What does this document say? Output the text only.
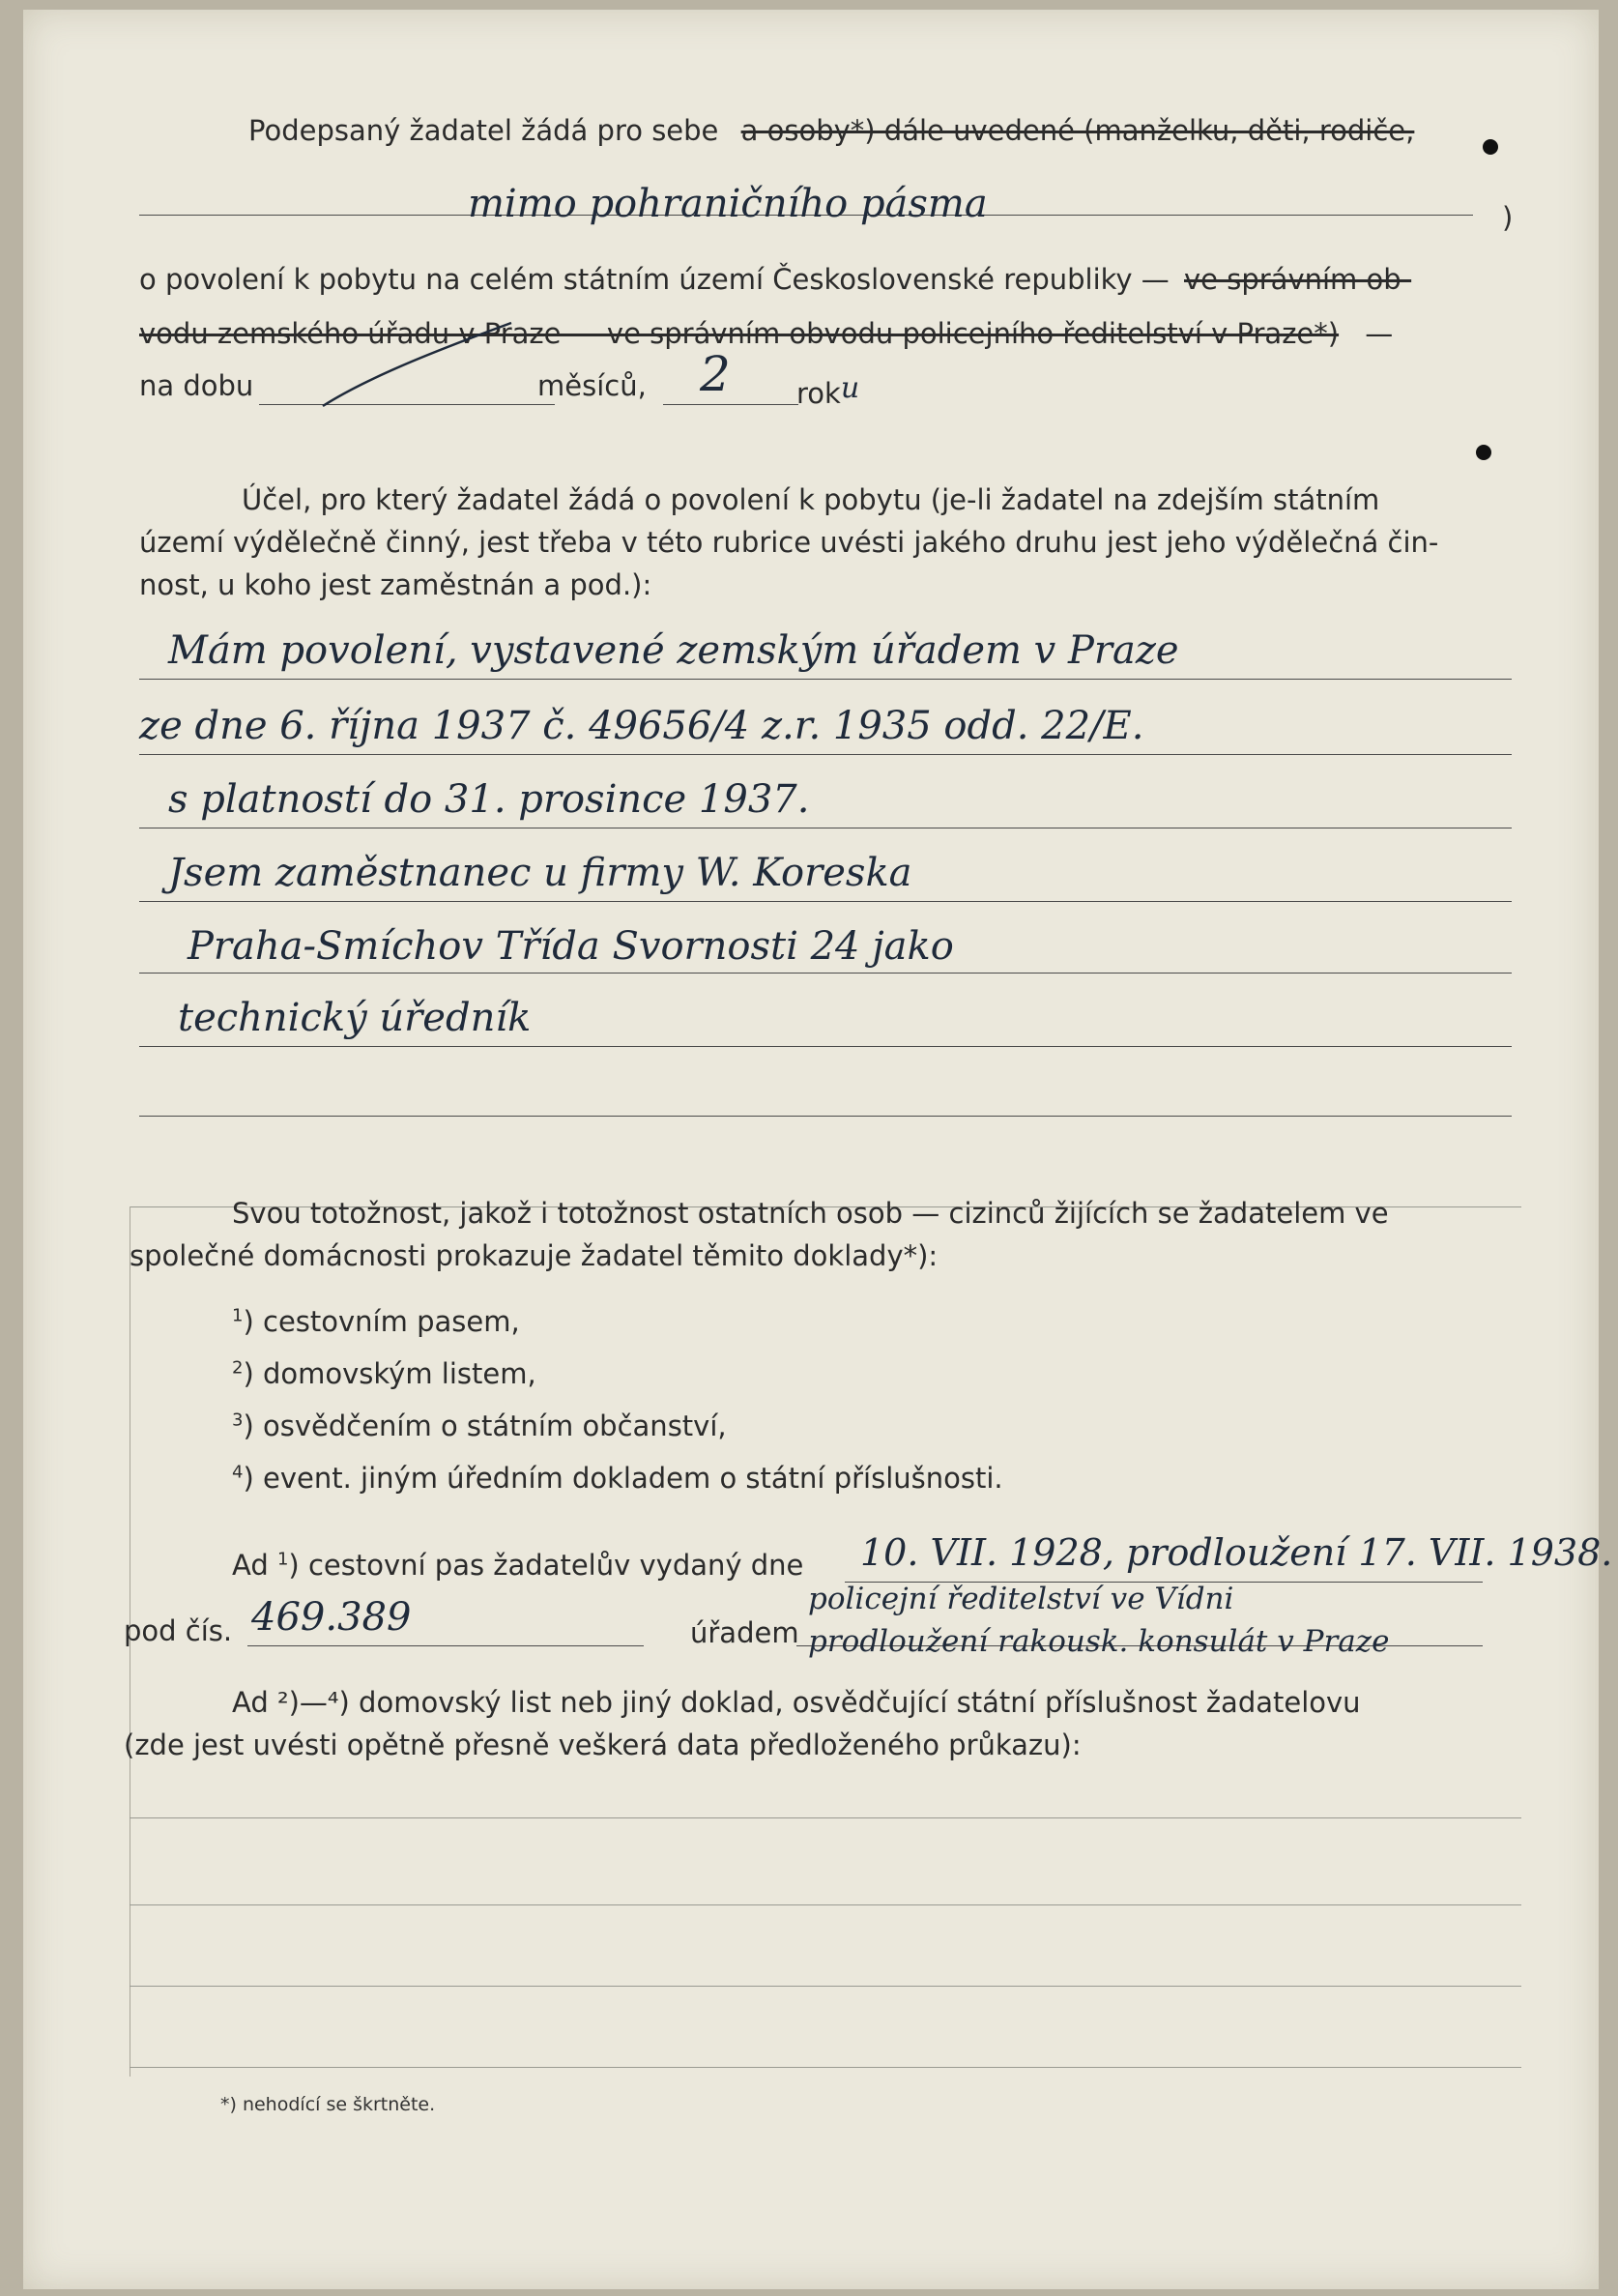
Podepsaný žadatel žádá pro sebe a osoby*) dále uvedené (manželku, děti, rodiče,
mimo pohraničního pásma	)
o povolení k pobytu na celém státním území Československé republiky — ve správním ob-
vodu zemského úřadu v Praze — ve správním obvodu policejního ředitelství v Praze*) —
na dobu	měsíců, 2 roku
Účel, pro který žadatel žádá o povolení k pobytu (je-li žadatel na zdejším státním
území výdělečně činný, jest třeba v této rubrice uvésti jakého druhu jest jeho výdělečná čin-
nost, u koho jest zaměstnán a pod.):
Mám povolení, vystavené zemským úřadem v Praze
ze dne 6. října 1937 č. 49656/4 z.r. 1935 odd. 22/E.
s platností do 31. prosince 1937.
Jsem zaměstnanec u firmy W. Koreska
Praha-Smíchov Třída Svornosti 24 jako
technický úředník
Svou totožnost, jakož i totožnost ostatních osob — cizinců žijících se žadatelem ve
společné domácnosti prokazuje žadatel těmito doklady*):
$^1$) cestovním pasem,
$^2$) domovským listem,
$^3$) osvědčením o státním občanství,
$^4$) event. jiným úředním dokladem o státní příslušnosti.
Ad $^1$) cestovní pas žadatelův vydaný dne 10. VII. 1928, prodloužení 17. VII. 1938.
pod čís. 469.389	úřadem
policejní ředitelství ve Vídni
prodloužení rakousk. konsulát v Praze
Ad ²)—⁴) domovský list neb jiný doklad, osvědčující státní příslušnost žadatelovu
(zde jest uvésti opětně přesně veškerá data předloženého průkazu):
*) nehodící se škrtněte.
